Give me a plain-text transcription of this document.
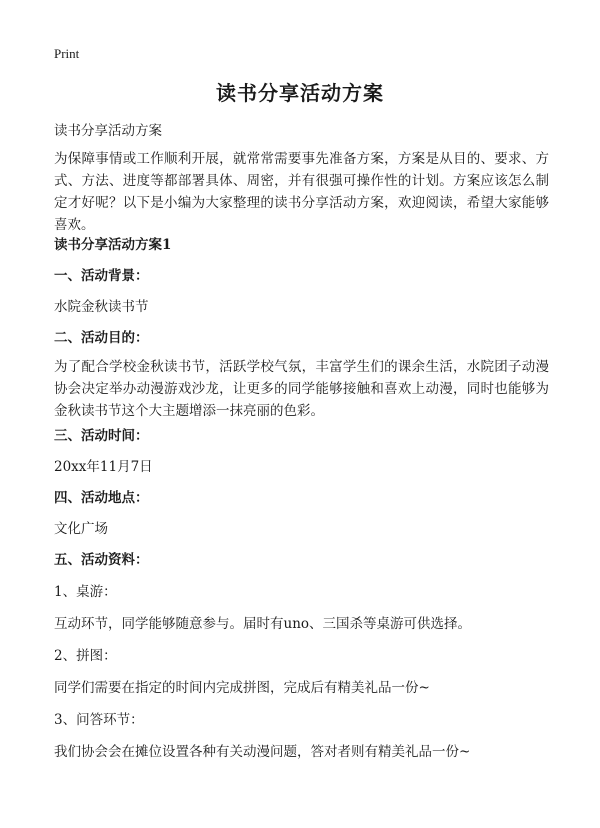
Print
读书分享活动方案
读书分享活动方案
为保障事情或工作顺利开展，就常常需要事先准备方案，方案是从目的、要求、方式、方法、进度等都部署具体、周密，并有很强可操作性的计划。方案应该怎么制定才好呢？以下是小编为大家整理的读书分享活动方案，欢迎阅读，希望大家能够喜欢。
读书分享活动方案1
一、活动背景：
水院金秋读书节
二、活动目的：
为了配合学校金秋读书节，活跃学校气氛，丰富学生们的课余生活，水院团子动漫协会决定举办动漫游戏沙龙，让更多的同学能够接触和喜欢上动漫，同时也能够为金秋读书节这个大主题增添一抹亮丽的色彩。
三、活动时间：
20xx年11月7日
四、活动地点：
文化广场
五、活动资料：
1、桌游：
互动环节，同学能够随意参与。届时有uno、三国杀等桌游可供选择。
2、拼图：
同学们需要在指定的时间内完成拼图，完成后有精美礼品一份~
3、问答环节：
我们协会会在摊位设置各种有关动漫问题，答对者则有精美礼品一份~
